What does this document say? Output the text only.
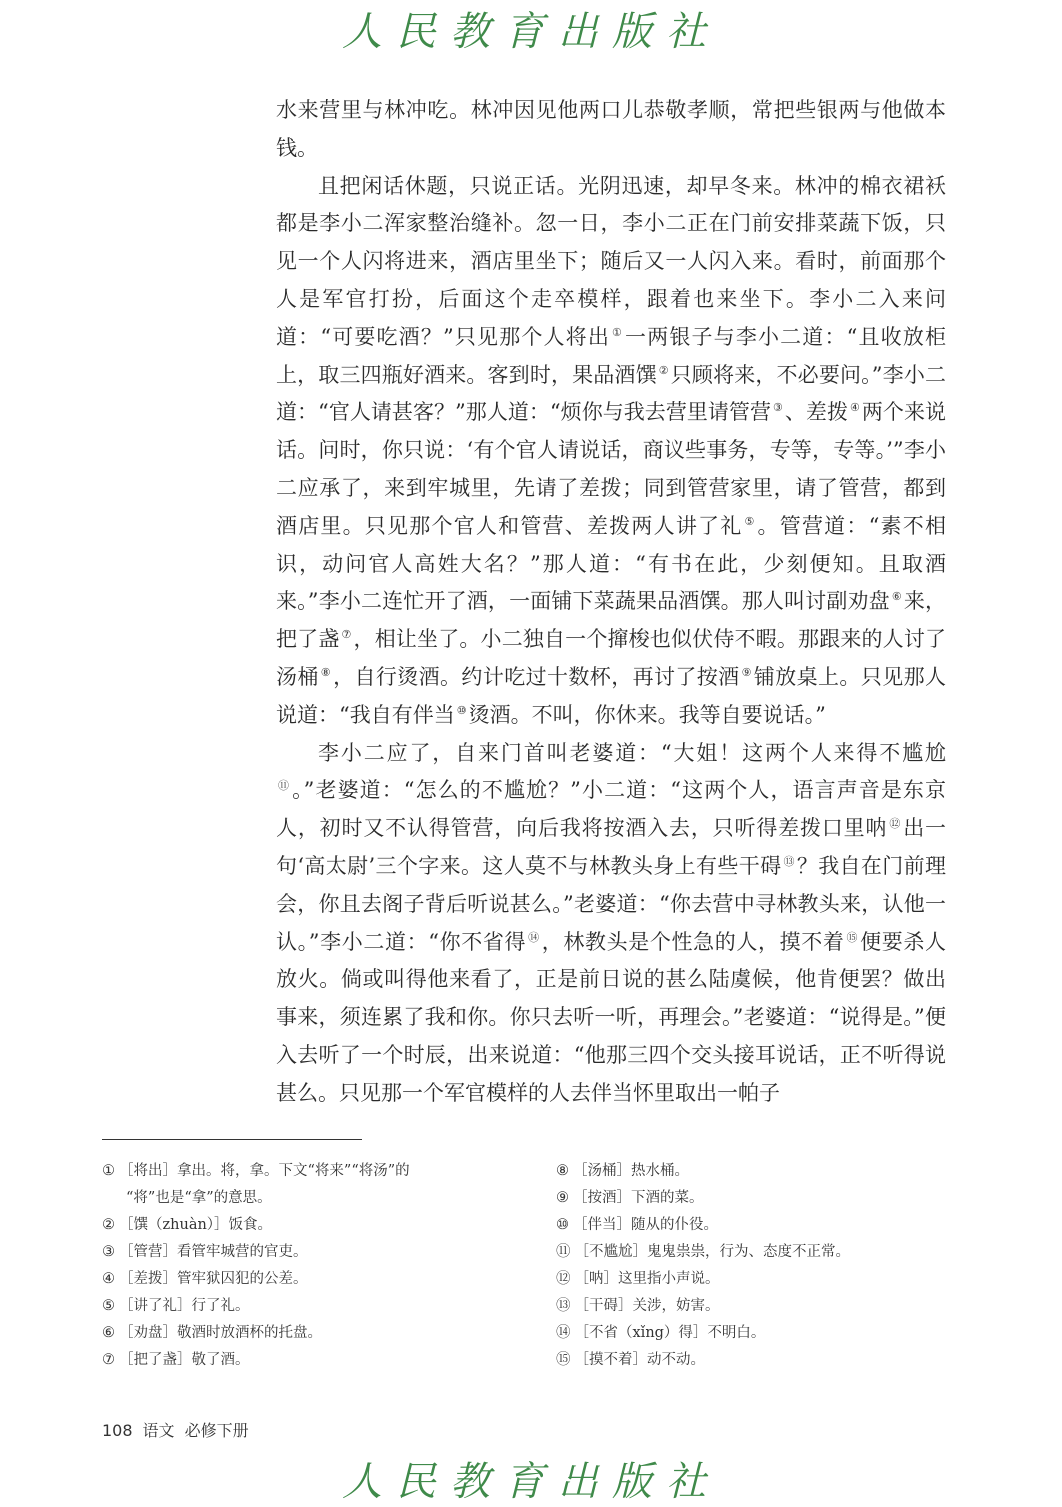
人民教育出版社

水来营里与林冲吃。林冲因见他两口儿恭敬孝顺，常把些银两与他做本钱。

且把闲话休题，只说正话。光阴迅速，却早冬来。林冲的棉衣裙袄都是李小二浑家整治缝补。忽一日，李小二正在门前安排菜蔬下饭，只见一个人闪将进来，酒店里坐下；随后又一人闪入来。看时，前面那个人是军官打扮，后面这个走卒模样，跟着也来坐下。李小二入来问道：“可要吃酒？”只见那个人将出 ①一两银子与李小二道：“且收放柜上，取三四瓶好酒来。客到时，果品酒馔 ②只顾将来，不必要问。”李小二道：“官人请甚客？”那人道：“烦你与我去营里请管营 ③、差拨 ④两个来说话。问时，你只说：‘有个官人请说话，商议些事务，专等，专等。’”李小二应承了，来到牢城里，先请了差拨；同到管营家里，请了管营，都到酒店里。只见那个官人和管营、差拨两人讲了礼 ⑤。管营道：“素不相识，动问官人高姓大名？”那人道：“有书在此，少刻便知。且取酒来。”李小二连忙开了酒，一面铺下菜蔬果品酒馔。那人叫讨副劝盘 ⑥来，把了盏 ⑦，相让坐了。小二独自一个撺梭也似伏侍不暇。那跟来的人讨了汤桶 ⑧，自行烫酒。约计吃过十数杯，再讨了按酒 ⑨铺放桌上。只见那人说道：“我自有伴当 ⑩烫酒。不叫，你休来。我等自要说话。”

李小二应了，自来门首叫老婆道：“大姐！这两个人来得不尴尬⑪。”老婆道：“怎么的不尴尬？”小二道：“这两个人，语言声音是东京人，初时又不认得管营，向后我将按酒入去，只听得差拨口里呐 ⑫出一句‘高太尉’三个字来。这人莫不与林教头身上有些干碍 ⑬？我自在门前理会，你且去阁子背后听说甚么。”老婆道：“你去营中寻林教头来，认他一认。”李小二道：“你不省得 ⑭，林教头是个性急的人，摸不着 ⑮便要杀人放火。倘或叫得他来看了，正是前日说的甚么陆虞候，他肯便罢？做出事来，须连累了我和你。你只去听一听，再理会。”老婆道：“说得是。”便入去听了一个时辰，出来说道：“他那三四个交头接耳说话，正不听得说甚么。只见那一个军官模样的人去伴当怀里取出一帕子

① ［将出］拿出。将，拿。下文“将来”“将汤”的
“将”也是“拿”的意思。
② ［馔（zhuàn）］饭食。
③ ［管营］看管牢城营的官吏。
④ ［差拨］管牢狱囚犯的公差。
⑤ ［讲了礼］行了礼。
⑥ ［劝盘］敬酒时放酒杯的托盘。
⑦ ［把了盏］敬了酒。
⑧ ［汤桶］热水桶。
⑨ ［按酒］下酒的菜。
⑩ ［伴当］随从的仆役。
⑪ ［不尴尬］鬼鬼祟祟，行为、态度不正常。
⑫ ［呐］这里指小声说。
⑬ ［干碍］关涉，妨害。
⑭ ［不省（xǐng）得］不明白。
⑮ ［摸不着］动不动。
108 语文 必修下册
人民教育出版社
